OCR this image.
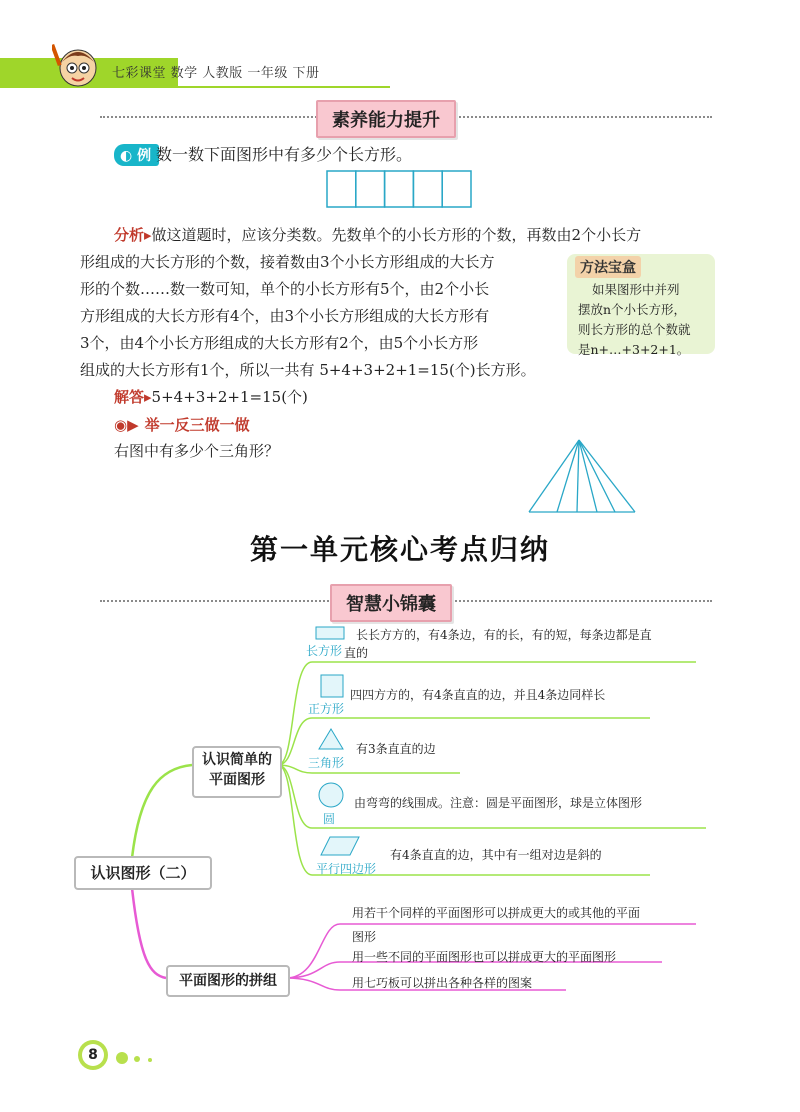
七彩课堂 数学 人教版 一年级 下册
素养能力提升
◐ 例 数一数下面图形中有多少个长方形。
分析▸做这道题时，应该分类数。先数单个的小长方形的个数，再数由2个小长方
形组成的大长方形的个数，接着数由3个小长方形组成的大长方
形的个数……数一数可知，单个的小长方形有5个，由2个小长
方形组成的大长方形有4个，由3个小长方形组成的大长方形有
3个，由4个小长方形组成的大长方形有2个，由5个小长方形
组成的大长方形有1个，所以一共有 5+4+3+2+1=15(个)长方形。
方法宝盒
如果图形中并列
摆放n个小长方形，
则长方形的总个数就
是n+…+3+2+1。
解答▸5+4+3+2+1=15(个)
◉▶ 举一反三做一做
右图中有多少个三角形？
第一单元核心考点归纳
智慧小锦囊
认识图形（二）
认识简单的
平面图形
平面图形的拼组
长方形
长长方方的，有4条边，有的长，有的短，每条边都是直
直的
正方形
四四方方的，有4条直直的边，并且4条边同样长
三角形
有3条直直的边
圆
由弯弯的线围成。注意：圆是平面图形，球是立体图形
平行四边形
有4条直直的边，其中有一组对边是斜的
用若干个同样的平面图形可以拼成更大的或其他的平面
图形
用一些不同的平面图形也可以拼成更大的平面图形
用七巧板可以拼出各种各样的图案
8
